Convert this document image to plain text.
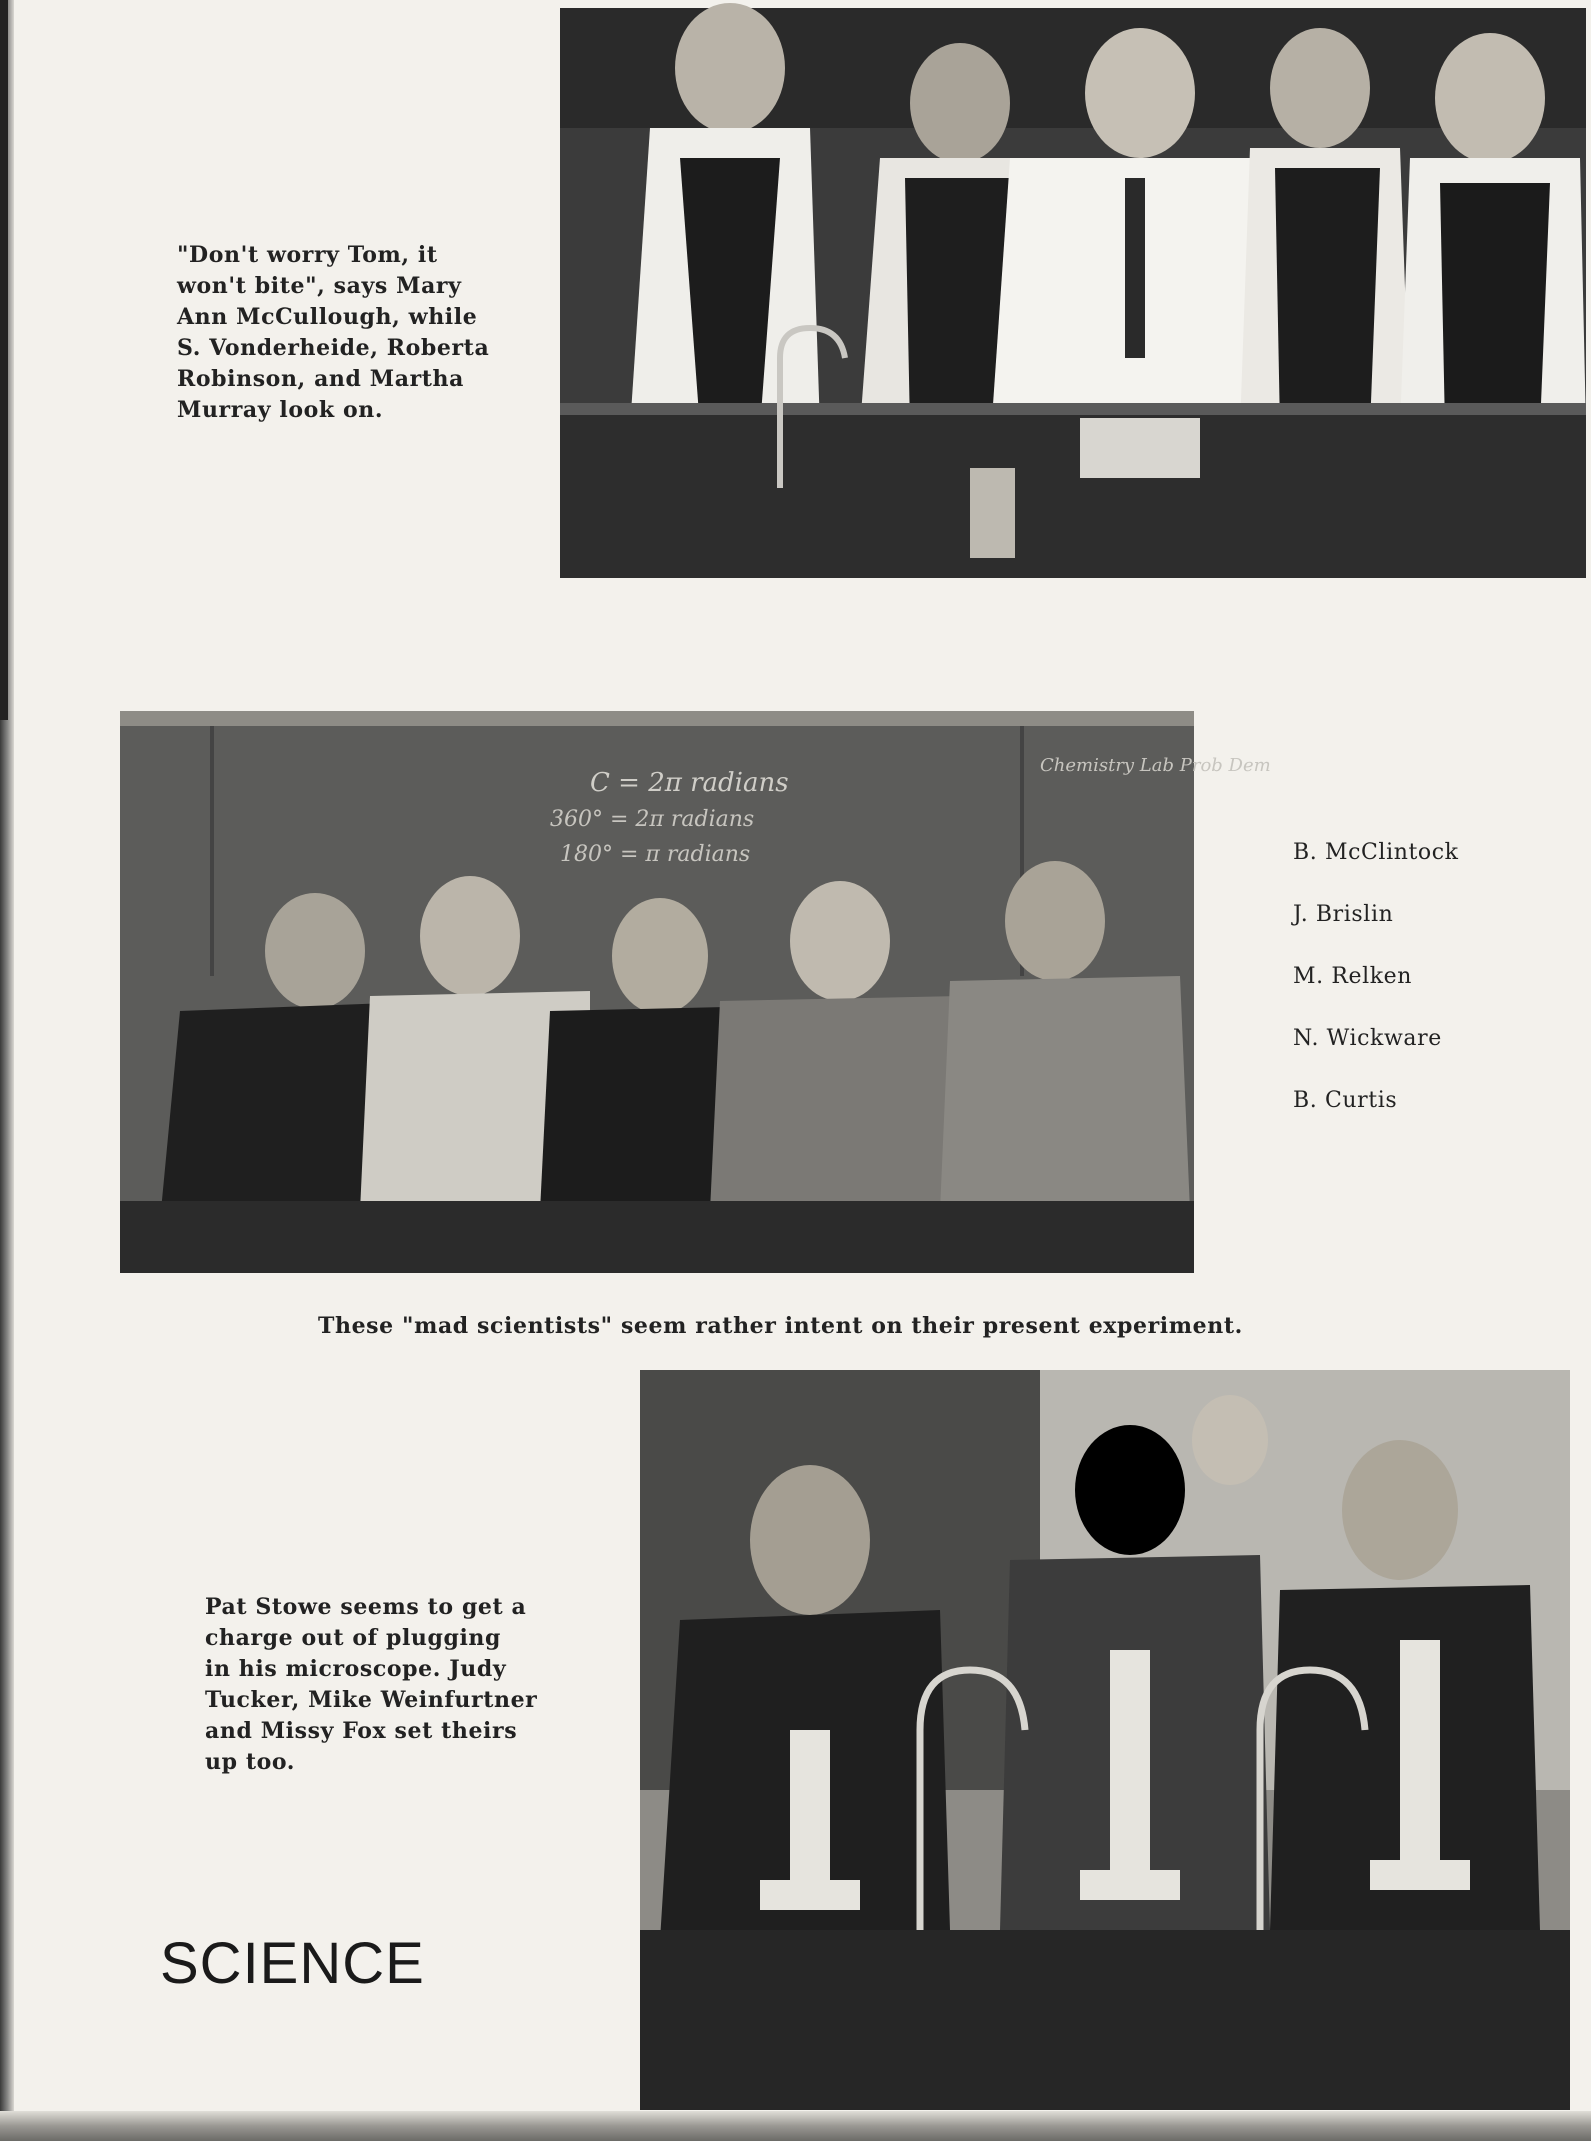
"Don't worry Tom, it
won't bite", says Mary
Ann McCullough, while
S. Vonderheide, Roberta
Robinson, and Martha
Murray look on.
C = 2π radians
360° = 2π radians
180° = π radians
Chemistry Lab Prob Dem

B. McClintock

J. Brislin

M. Relken

N. Wickware

B. Curtis

These "mad scientists" seem rather intent on their present experiment.
Pat Stowe seems to get a
charge out of plugging
in his microscope. Judy
Tucker, Mike Weinfurtner
and Missy Fox set theirs
up too.
SCIENCE
